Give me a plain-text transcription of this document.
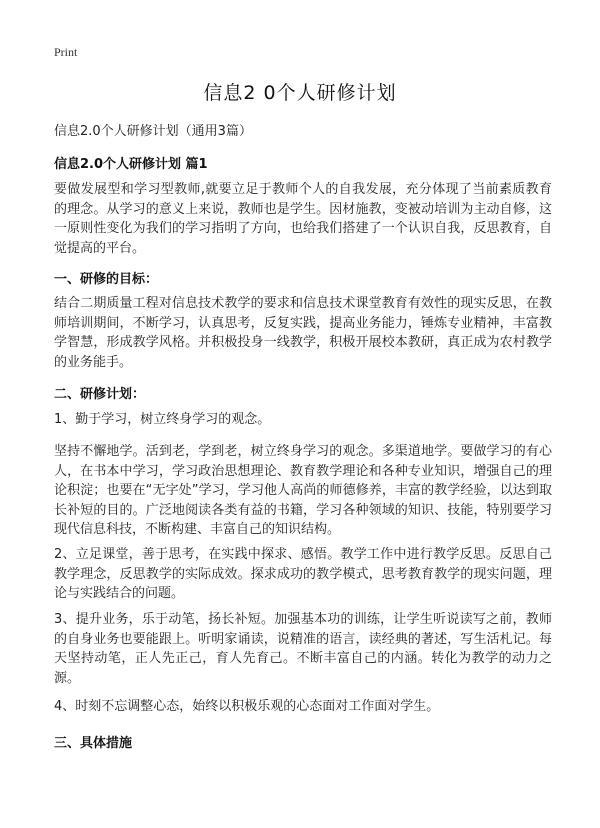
Print
信息2 0个人研修计划
信息2.0个人研修计划（通用3篇）
信息2.0个人研修计划 篇1
要做发展型和学习型教师,就要立足于教师个人的自我发展，充分体现了当前素质教育的理念。从学习的意义上来说，教师也是学生。因材施教，变被动培训为主动自修，这一原则性变化为我们的学习指明了方向，也给我们搭建了一个认识自我，反思教育，自觉提高的平台。
一、研修的目标：
结合二期质量工程对信息技术教学的要求和信息技术课堂教育有效性的现实反思，在教师培训期间，不断学习，认真思考，反复实践，提高业务能力，锤炼专业精神，丰富教学智慧，形成教学风格。并积极投身一线教学，积极开展校本教研，真正成为农村教学的业务能手。
二、研修计划：
1、勤于学习，树立终身学习的观念。
坚持不懈地学。活到老，学到老，树立终身学习的观念。多渠道地学。要做学习的有心人，在书本中学习，学习政治思想理论、教育教学理论和各种专业知识，增强自己的理论积淀；也要在“无字处”学习，学习他人高尚的师德修养，丰富的教学经验，以达到取长补短的目的。广泛地阅读各类有益的书籍，学习各种领域的知识、技能，特别要学习现代信息科技，不断构建、丰富自己的知识结构。
2、立足课堂，善于思考，在实践中探求、感悟。教学工作中进行教学反思。反思自己教学理念，反思教学的实际成效。探求成功的教学模式，思考教育教学的现实问题，理论与实践结合的问题。
3、提升业务，乐于动笔，扬长补短。加强基本功的训练，让学生听说读写之前，教师的自身业务也要能跟上。听明家诵读，说精准的语言，读经典的著述，写生活札记。每天坚持动笔，正人先正己，育人先育己。不断丰富自己的内涵。转化为教学的动力之源。
4、时刻不忘调整心态，始终以积极乐观的心态面对工作面对学生。
三、具体措施
